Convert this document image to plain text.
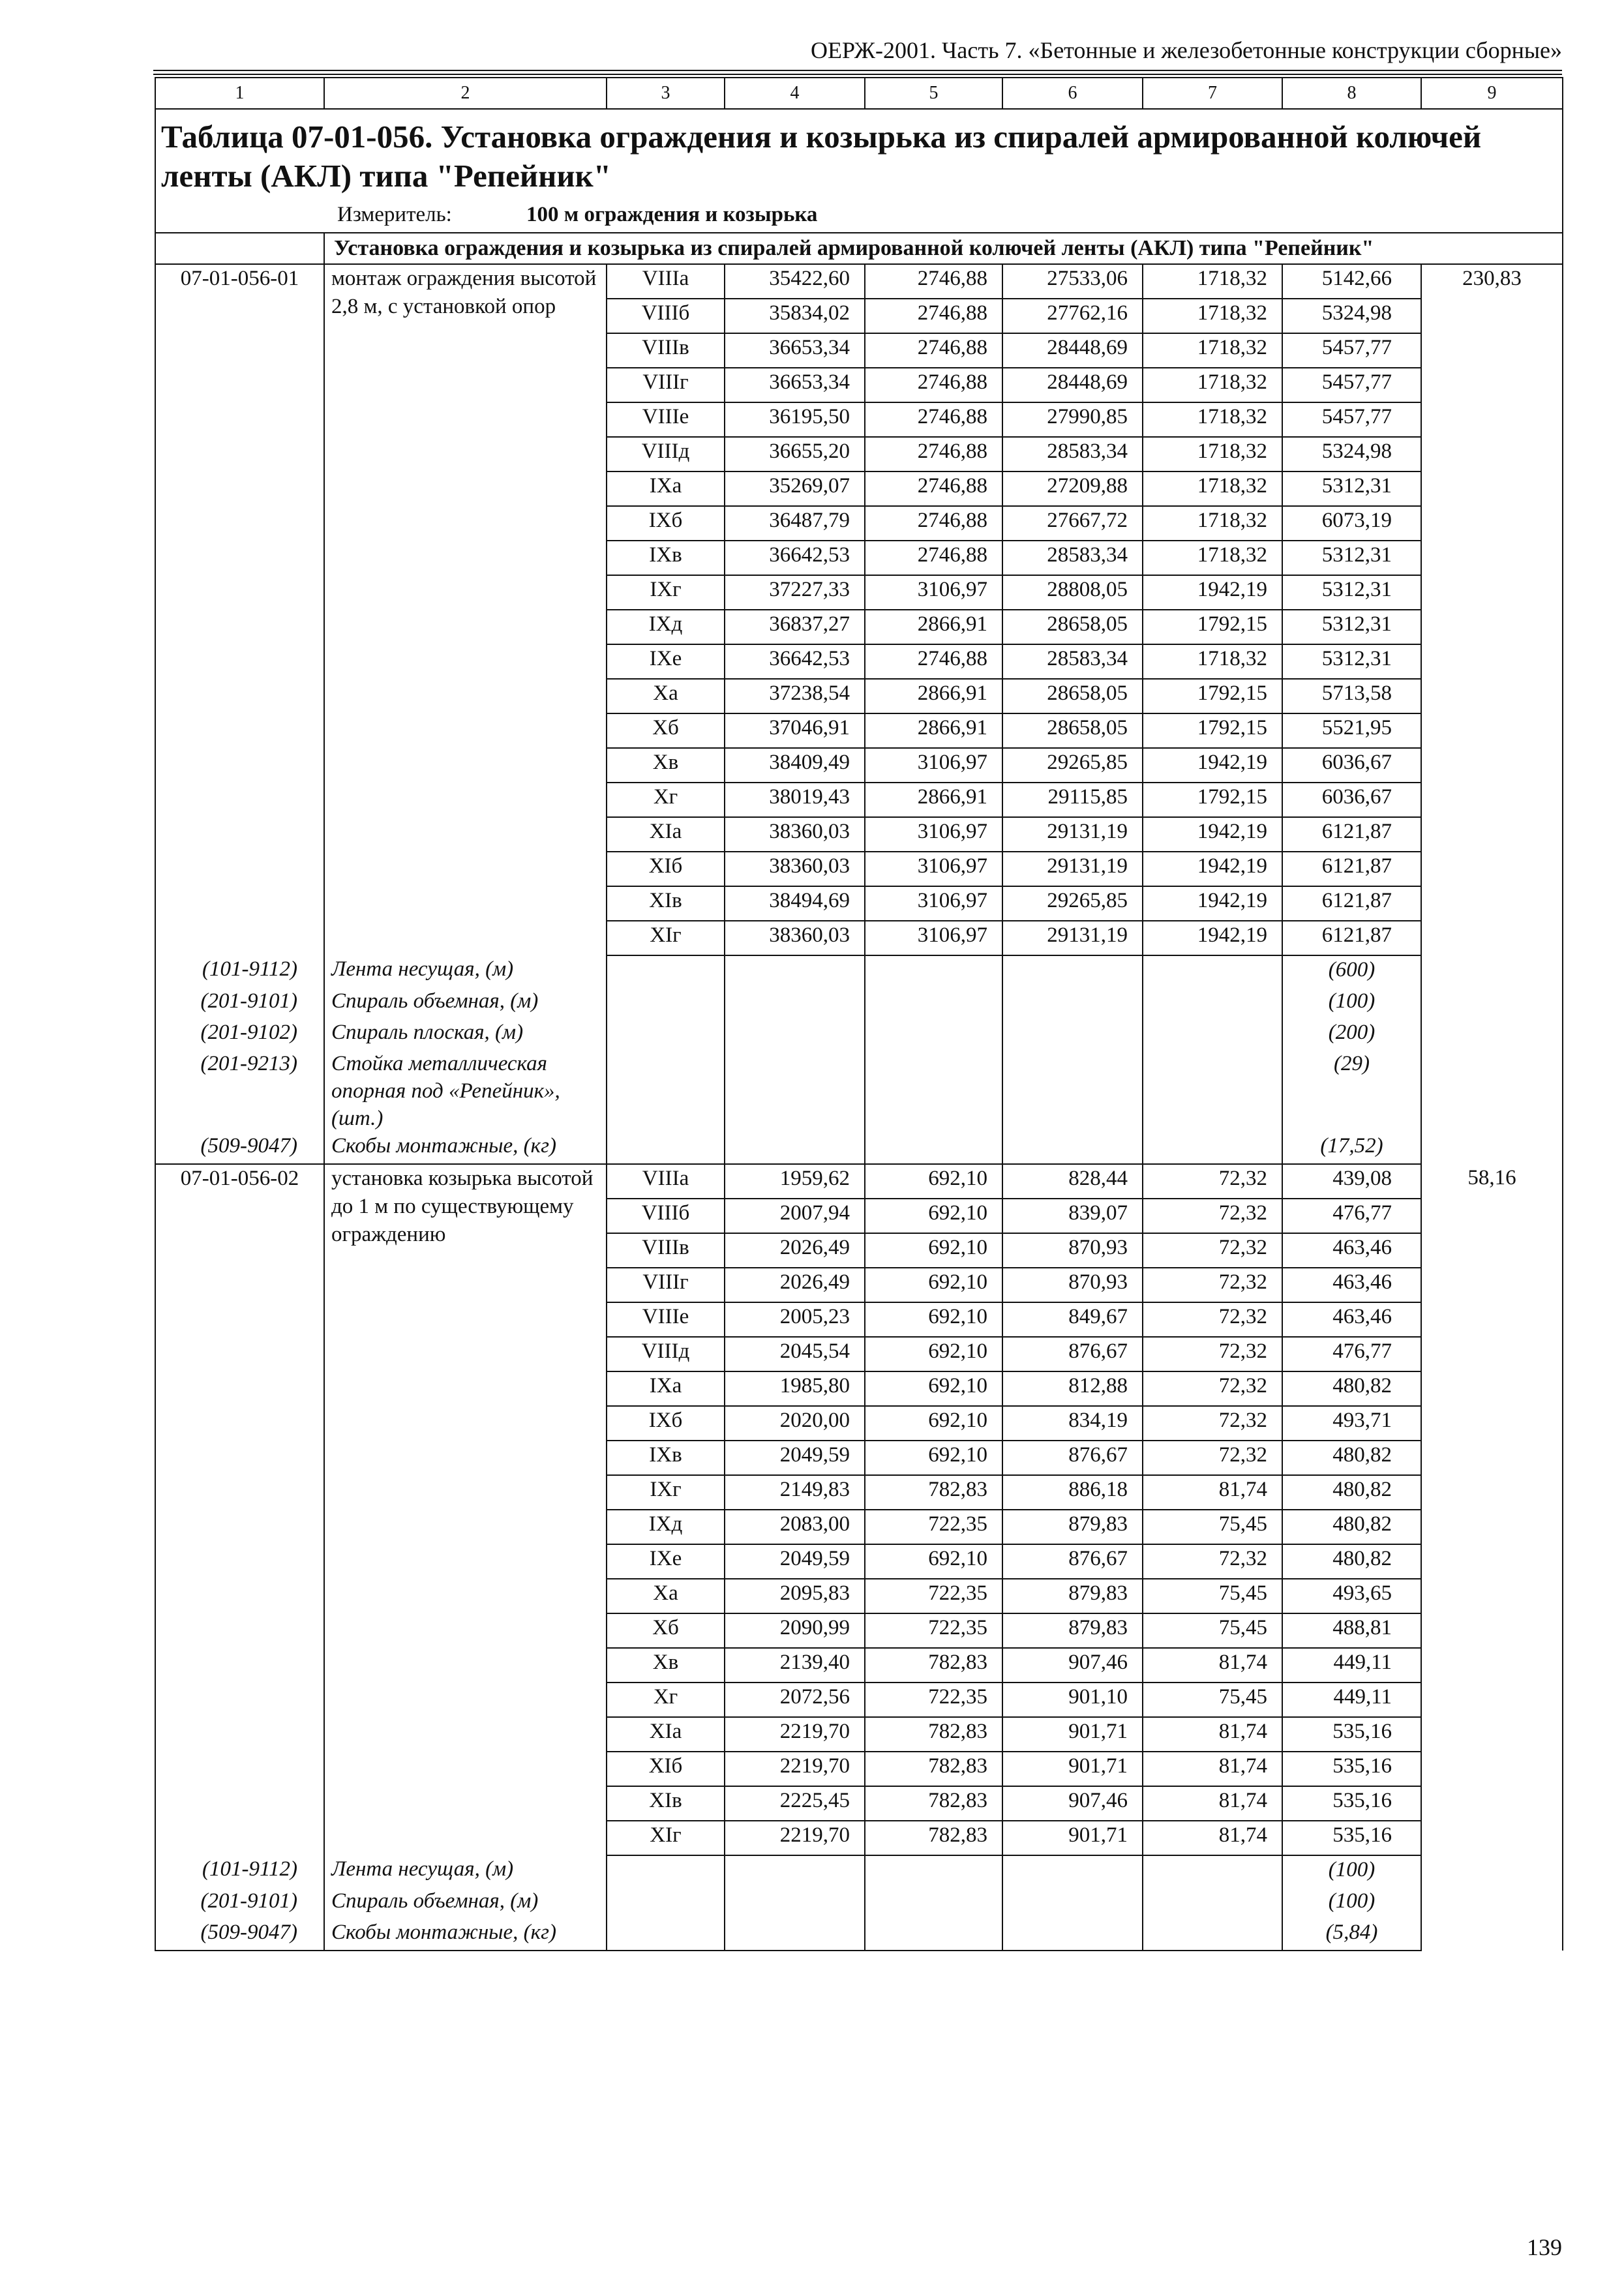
ОЕРЖ-2001. Часть 7. «Бетонные и железобетонные конструкции сборные»
1	2	3	4	5	6	7	8	9
Таблица 07-01-056. Установка ограждения и козырька из спиралей армированной колючей ленты (АКЛ) типа "Репейник"								
Измеритель: 100 м ограждения и козырька								
	Установка ограждения и козырька из спиралей армированной колючей ленты (АКЛ) типа "Репейник"							
07-01-056-01	монтаж ограждения высотой 2,8 м, с установкой опор	VIIIа	35422,60	2746,88	27533,06	1718,32	5142,66	230,83
		VIIIб	35834,02	2746,88	27762,16	1718,32	5324,98	
		VIIIв	36653,34	2746,88	28448,69	1718,32	5457,77	
		VIIIг	36653,34	2746,88	28448,69	1718,32	5457,77	
		VIIIе	36195,50	2746,88	27990,85	1718,32	5457,77	
		VIIIд	36655,20	2746,88	28583,34	1718,32	5324,98	
		IXа	35269,07	2746,88	27209,88	1718,32	5312,31	
		IXб	36487,79	2746,88	27667,72	1718,32	6073,19	
		IXв	36642,53	2746,88	28583,34	1718,32	5312,31	
		IXг	37227,33	3106,97	28808,05	1942,19	5312,31	
		IXд	36837,27	2866,91	28658,05	1792,15	5312,31	
		IXе	36642,53	2746,88	28583,34	1718,32	5312,31	
		Xа	37238,54	2866,91	28658,05	1792,15	5713,58	
		Xб	37046,91	2866,91	28658,05	1792,15	5521,95	
		Xв	38409,49	3106,97	29265,85	1942,19	6036,67	
		Xг	38019,43	2866,91	29115,85	1792,15	6036,67	
		XIа	38360,03	3106,97	29131,19	1942,19	6121,87	
		XIб	38360,03	3106,97	29131,19	1942,19	6121,87	
		XIв	38494,69	3106,97	29265,85	1942,19	6121,87	
		XIг	38360,03	3106,97	29131,19	1942,19	6121,87	
(101-9112)	Лента несущая, (м)						(600)	
(201-9101)	Спираль объемная, (м)						(100)	
(201-9102)	Спираль плоская, (м)						(200)	
(201-9213)	Стойка металлическая опорная под «Репейник», (шт.)						(29)	
(509-9047)	Скобы монтажные, (кг)						(17,52)	
07-01-056-02	установка козырька высотой до 1 м по существующему ограждению	VIIIа	1959,62	692,10	828,44	72,32	439,08	58,16
		VIIIб	2007,94	692,10	839,07	72,32	476,77	
		VIIIв	2026,49	692,10	870,93	72,32	463,46	
		VIIIг	2026,49	692,10	870,93	72,32	463,46	
		VIIIе	2005,23	692,10	849,67	72,32	463,46	
		VIIIд	2045,54	692,10	876,67	72,32	476,77	
		IXа	1985,80	692,10	812,88	72,32	480,82	
		IXб	2020,00	692,10	834,19	72,32	493,71	
		IXв	2049,59	692,10	876,67	72,32	480,82	
		IXг	2149,83	782,83	886,18	81,74	480,82	
		IXд	2083,00	722,35	879,83	75,45	480,82	
		IXе	2049,59	692,10	876,67	72,32	480,82	
		Xа	2095,83	722,35	879,83	75,45	493,65	
		Xб	2090,99	722,35	879,83	75,45	488,81	
		Xв	2139,40	782,83	907,46	81,74	449,11	
		Xг	2072,56	722,35	901,10	75,45	449,11	
		XIа	2219,70	782,83	901,71	81,74	535,16	
		XIб	2219,70	782,83	901,71	81,74	535,16	
		XIв	2225,45	782,83	907,46	81,74	535,16	
		XIг	2219,70	782,83	901,71	81,74	535,16	
(101-9112)	Лента несущая, (м)						(100)	
(201-9101)	Спираль объемная, (м)						(100)	
(509-9047)	Скобы монтажные, (кг)						(5,84)	
139
